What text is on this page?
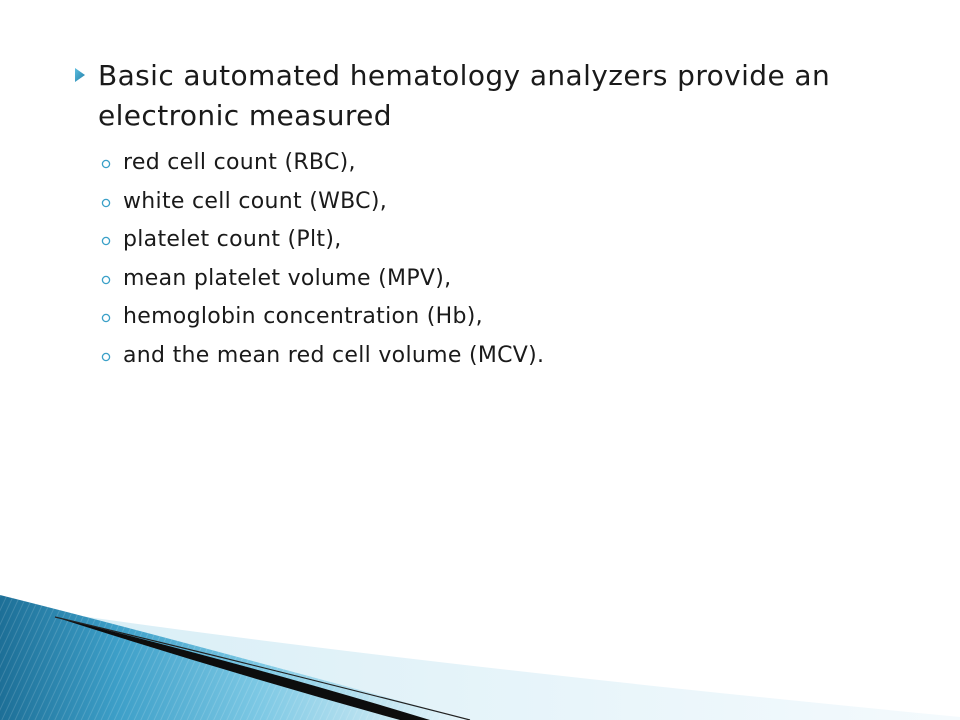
Basic automated hematology analyzers provide an electronic measured
red cell count (RBC),
white cell count (WBC),
platelet count (Plt),
mean platelet volume (MPV),
hemoglobin concentration (Hb),
and the mean red cell volume (MCV).
